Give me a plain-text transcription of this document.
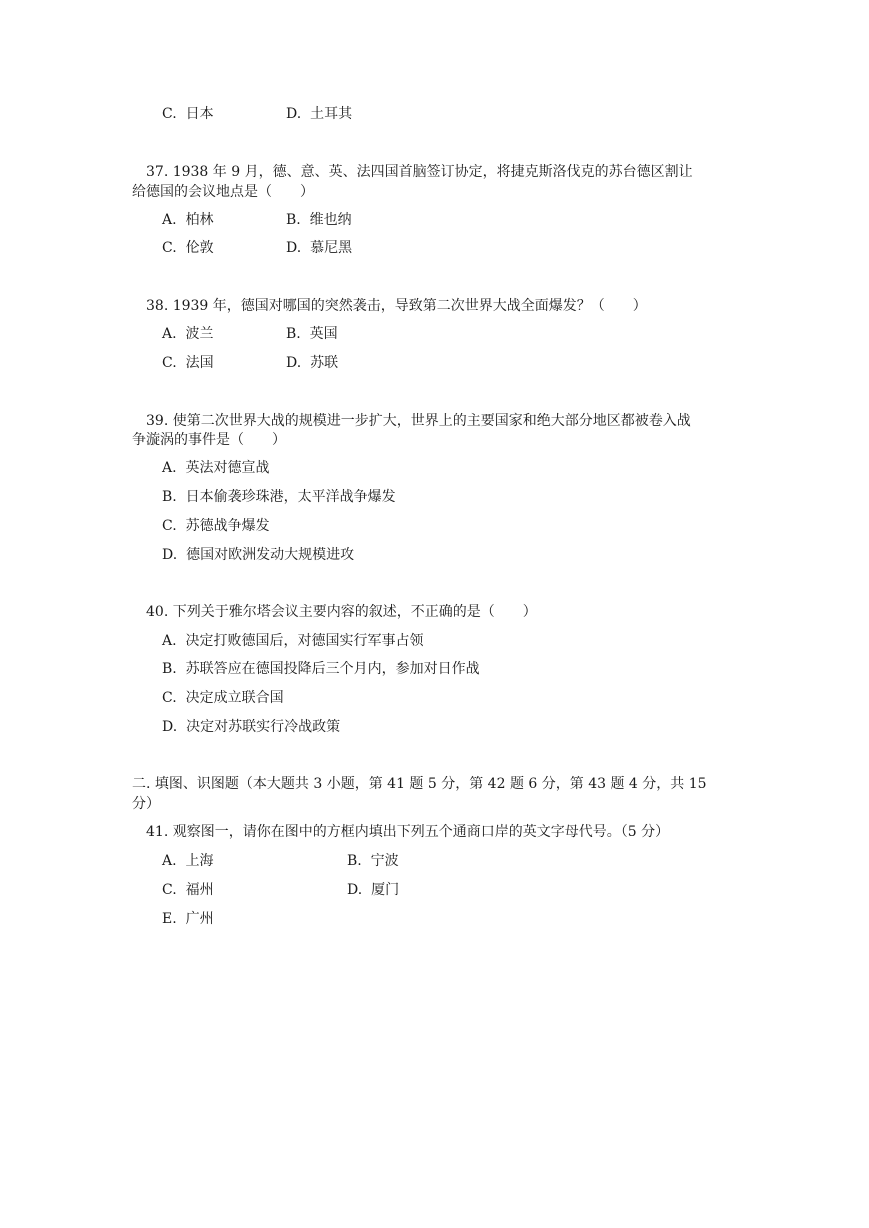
C. 日本	D. 土耳其
37. 1938 年 9 月，德、意、英、法四国首脑签订协定，将捷克斯洛伐克的苏台德区割让
给德国的会议地点是（　　）
A. 柏林	B. 维也纳
C. 伦敦	D. 慕尼黑
38. 1939 年，德国对哪国的突然袭击，导致第二次世界大战全面爆发？（　　）
A. 波兰	B. 英国
C. 法国	D. 苏联
39. 使第二次世界大战的规模进一步扩大，世界上的主要国家和绝大部分地区都被卷入战
争漩涡的事件是（　　）
A. 英法对德宣战
B. 日本偷袭珍珠港，太平洋战争爆发
C. 苏德战争爆发
D. 德国对欧洲发动大规模进攻
40. 下列关于雅尔塔会议主要内容的叙述，不正确的是（　　）
A. 决定打败德国后，对德国实行军事占领
B. 苏联答应在德国投降后三个月内，参加对日作战
C. 决定成立联合国
D. 决定对苏联实行冷战政策
二. 填图、识图题（本大题共 3 小题，第 41 题 5 分，第 42 题 6 分，第 43 题 4 分，共 15
分）
41. 观察图一，请你在图中的方框内填出下列五个通商口岸的英文字母代号。（5 分）
A. 上海	B. 宁波
C. 福州	D. 厦门
E. 广州
